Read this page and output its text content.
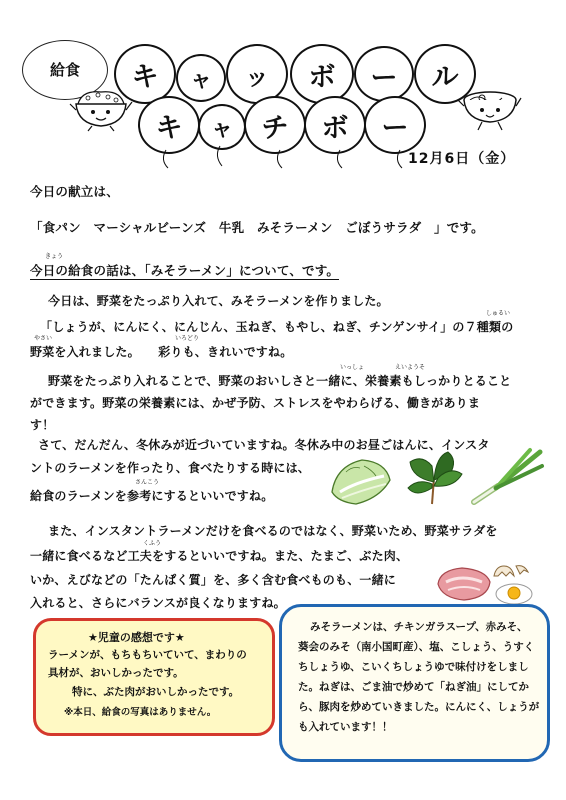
給食	キ	ャ	ッ	ボ	ー	ル
キ	ャ	チ	ボ	ー
12月6日（金）
今日の献立は、
「食パン　マーシャルビーンズ　牛乳　みそラーメン　ごぼうサラダ　」です。
きょう
今日の給食の話は、「みそラーメン」について、です。
今日は、野菜をたっぷり入れて、みそラーメンを作りました。
しゅるい
「しょうが、にんにく、にんじん、玉ねぎ、もやし、ねぎ、チンゲンサイ」の７種類の
やさい	いろどり
野菜を入れました。　　彩りも、きれいですね。
いっしょ	えいようそ
野菜をたっぷり入れることで、野菜のおいしさと一緒に、栄養素もしっかりとること
ができます。野菜の栄養素には、かぜ予防、ストレスをやわらげる、働きがありま
す！
さて、だんだん、冬休みが近づいていますね。冬休み中のお昼ごはんに、インスタ
ントのラーメンを作ったり、食べたりする時には、
さんこう
給食のラーメンを参考にするといいですね。
また、インスタントラーメンだけを食べるのではなく、野菜いため、野菜サラダを
くふう
一緒に食べるなど工夫をするといいですね。また、たまご、ぶた肉、
いか、えびなどの「たんぱく質」を、多く含む食べものも、一緒に
入れると、さらにバランスが良くなりますね。
★児童の感想です★
ラーメンが、もちもちいていて、まわりの
具材が、おいしかったです。
特に、ぶた肉がおいしかったです。
※本日、給食の写真はありません。
みそラーメンは、チキンガラスープ、赤みそ、
葵会のみそ（南小国町産）、塩、こしょう、うすく
ちしょうゆ、こいくちしょうゆで味付けをしまし
た。ねぎは、ごま油で炒めて「ねぎ油」にしてか
ら、豚肉を炒めていきました。にんにく、しょうが
も入れています！！
